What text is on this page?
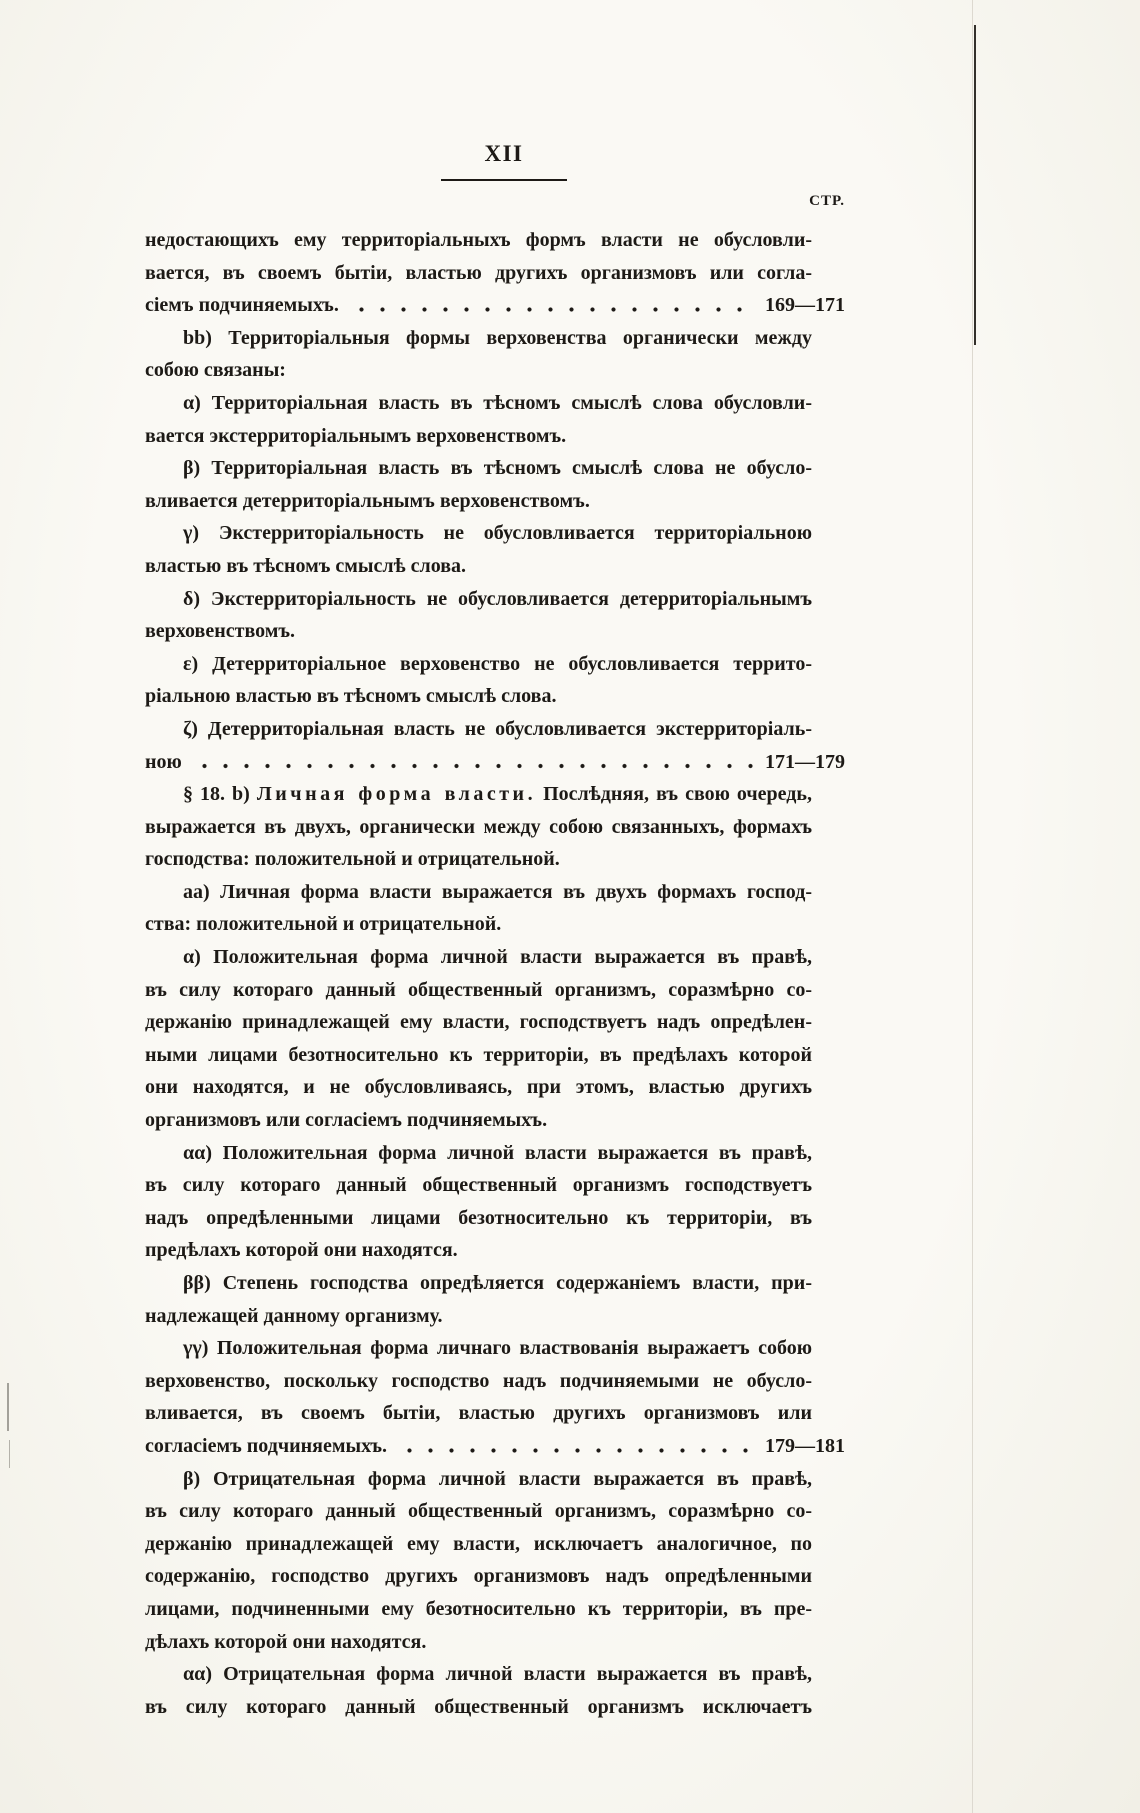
XII
СТР.
недостающихъ ему территоріальныхъ формъ власти не обусловли-
вается, въ своемъ бытіи, властью другихъ организмовъ или согла-
сіемъ подчиняемыхъ.	169—171
bb) Территоріальныя формы верховенства органически между
собою связаны:
α) Территоріальная власть въ тѣсномъ смыслѣ слова обусловли-
вается экстерриторіальнымъ верховенствомъ.
β) Территоріальная власть въ тѣсномъ смыслѣ слова не обусло-
вливается детерриторіальнымъ верховенствомъ.
γ) Экстерриторіальность не обусловливается территоріальною
властью въ тѣсномъ смыслѣ слова.
δ) Экстерриторіальность не обусловливается детерриторіальнымъ
верховенствомъ.
ε) Детерриторіальное верховенство не обусловливается террито-
ріальною властью въ тѣсномъ смыслѣ слова.
ζ) Детерриторіальная власть не обусловливается экстерриторіаль-
ною	171—179
§ 18. b) Личная форма власти. Послѣдняя, въ свою очередь,
выражается въ двухъ, органически между собою связанныхъ, формахъ
господства: положительной и отрицательной.
аа) Личная форма власти выражается въ двухъ формахъ господ-
ства: положительной и отрицательной.
α) Положительная форма личной власти выражается въ правѣ,
въ силу котораго данный общественный организмъ, соразмѣрно со-
держанію принадлежащей ему власти, господствуетъ надъ опредѣлен-
ными лицами безотносительно къ территоріи, въ предѣлахъ которой
они находятся, и не обусловливаясь, при этомъ, властью другихъ
организмовъ или согласіемъ подчиняемыхъ.
αα) Положительная форма личной власти выражается въ правѣ,
въ силу котораго данный общественный организмъ господствуетъ
надъ опредѣленными лицами безотносительно къ территоріи, въ
предѣлахъ которой они находятся.
ββ) Степень господства опредѣляется содержаніемъ власти, при-
надлежащей данному организму.
γγ) Положительная форма личнаго властвованія выражаетъ собою
верховенство, поскольку господство надъ подчиняемыми не обусло-
вливается, въ своемъ бытіи, властью другихъ организмовъ или
согласіемъ подчиняемыхъ.	179—181
β) Отрицательная форма личной власти выражается въ правѣ,
въ силу котораго данный общественный организмъ, соразмѣрно со-
держанію принадлежащей ему власти, исключаетъ аналогичное, по
содержанію, господство другихъ организмовъ надъ опредѣленными
лицами, подчиненными ему безотносительно къ территоріи, въ пре-
дѣлахъ которой они находятся.
αα) Отрицательная форма личной власти выражается въ правѣ,
въ силу котораго данный общественный организмъ исключаетъ
